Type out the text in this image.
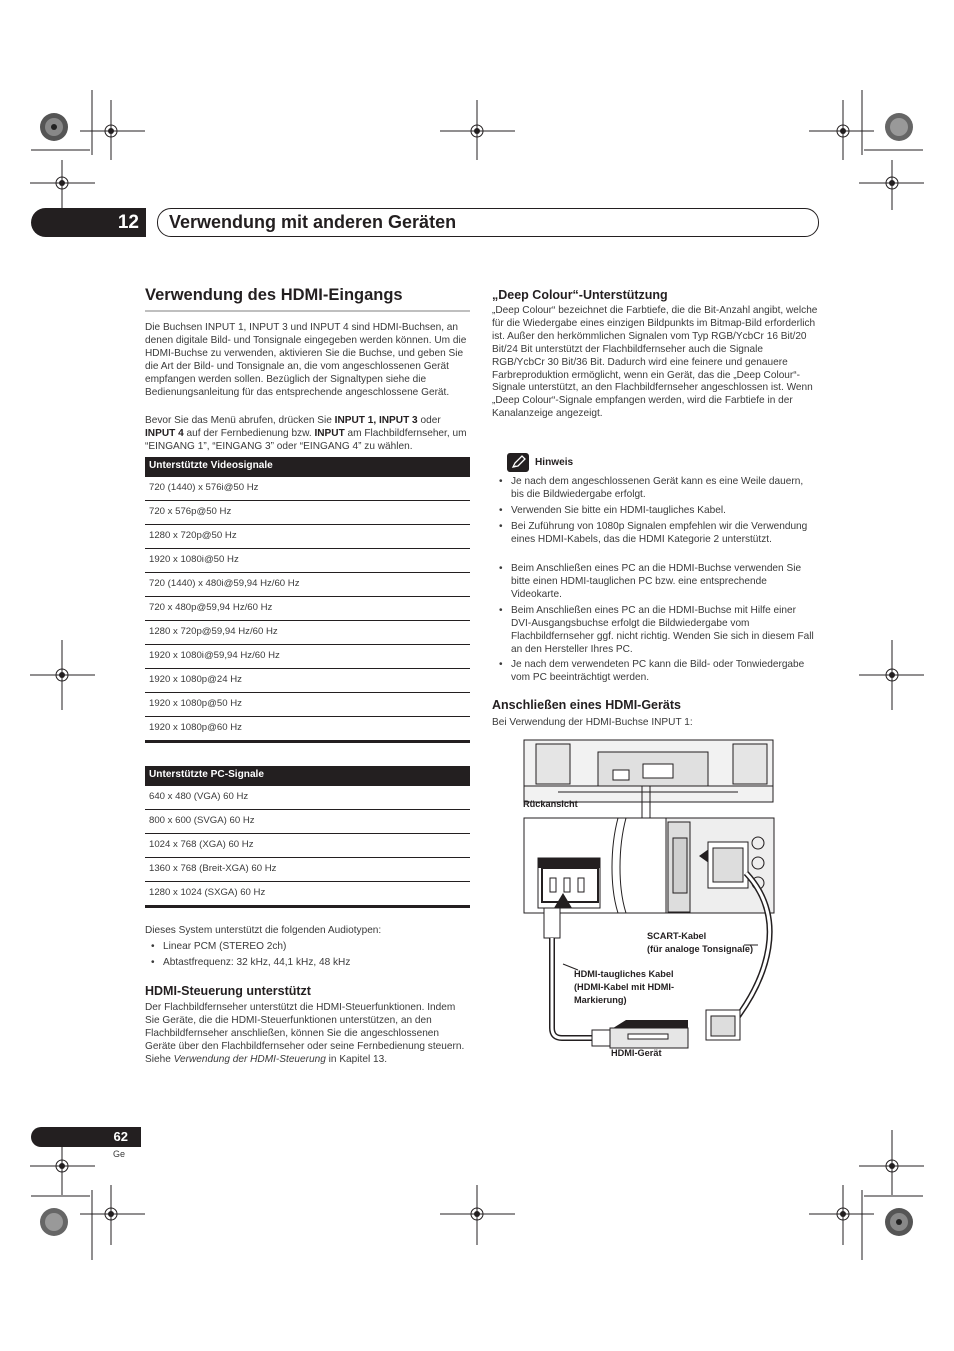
12 Verwendung mit anderen Geräten
Verwendung des HDMI-Eingangs
Die Buchsen INPUT 1, INPUT 3 und INPUT 4 sind HDMI-Buchsen, an denen digitale Bild- und Tonsignale eingegeben werden können. Um die HDMI-Buchse zu verwenden, aktivieren Sie die Buchse, und geben Sie die Art der Bild- und Tonsignale an, die vom angeschlossenen Gerät empfangen werden sollen. Bezüglich der Signaltypen siehe die Bedienungsanleitung für das entsprechende angeschlossene Gerät.
Bevor Sie das Menü abrufen, drücken Sie INPUT 1, INPUT 3 oder INPUT 4 auf der Fernbedienung bzw. INPUT am Flachbildfernseher, um “EINGANG 1”, “EINGANG 3” oder “EINGANG 4” zu wählen.
Unterstützte Videosignale
720 (1440) x 576i@50 Hz
720 x 576p@50 Hz
1280 x 720p@50 Hz
1920 x 1080i@50 Hz
720 (1440) x 480i@59,94 Hz/60 Hz
720 x 480p@59,94 Hz/60 Hz
1280 x 720p@59,94 Hz/60 Hz
1920 x 1080i@59,94 Hz/60 Hz
1920 x 1080p@24 Hz
1920 x 1080p@50 Hz
1920 x 1080p@60 Hz
Unterstützte PC-Signale
640 x 480 (VGA) 60 Hz
800 x 600 (SVGA) 60 Hz
1024 x 768 (XGA) 60 Hz
1360 x 768 (Breit-XGA) 60 Hz
1280 x 1024 (SXGA) 60 Hz
Dieses System unterstützt die folgenden Audiotypen:
• Linear PCM (STEREO 2ch)
• Abtastfrequenz: 32 kHz, 44,1 kHz, 48 kHz
HDMI-Steuerung unterstützt
Der Flachbildfernseher unterstützt die HDMI-Steuerfunktionen. Indem Sie Geräte, die die HDMI-Steuerfunktionen unterstützen, an den Flachbildfernseher anschließen, können Sie die angeschlossenen Geräte über den Flachbildfernseher oder seine Fernbedienung steuern. Siehe Verwendung der HDMI-Steuerung in Kapitel 13.
„Deep Colour“-Unterstützung
„Deep Colour“ bezeichnet die Farbtiefe, die die Bit-Anzahl angibt, welche für die Wiedergabe eines einzigen Bildpunkts im Bitmap-Bild erforderlich ist. Außer den herkömmlichen Signalen vom Typ RGB/YcbCr 16 Bit/20 Bit/24 Bit unterstützt der Flachbildfernseher auch die Signale RGB/YcbCr 30 Bit/36 Bit. Dadurch wird eine feinere und genauere Farbreproduktion ermöglicht, wenn ein Gerät, das die „Deep Colour“-Signale unterstützt, an den Flachbildfernseher angeschlossen ist. Wenn „Deep Colour“-Signale empfangen werden, wird die Farbtiefe in der Kanalanzeige angezeigt.
Hinweis
• Je nach dem angeschlossenen Gerät kann es eine Weile dauern, bis die Bildwiedergabe erfolgt.
• Verwenden Sie bitte ein HDMI-taugliches Kabel.
• Bei Zuführung von 1080p Signalen empfehlen wir die Verwendung eines HDMI-Kabels, das die HDMI Kategorie 2 unterstützt.
• Beim Anschließen eines PC an die HDMI-Buchse verwenden Sie bitte einen HDMI-tauglichen PC bzw. eine entsprechende Videokarte.
• Beim Anschließen eines PC an die HDMI-Buchse mit Hilfe einer DVI-Ausgangsbuchse erfolgt die Bildwiedergabe vom Flachbildfernseher ggf. nicht richtig. Wenden Sie sich in diesem Fall an den Hersteller Ihres PC.
• Je nach dem verwendeten PC kann die Bild- oder Tonwiedergabe vom PC beeinträchtigt werden.
Anschließen eines HDMI-Geräts
Bei Verwendung der HDMI-Buchse INPUT 1:
Rückansicht
SCART-Kabel
(für analoge Tonsignale)
HDMI-taugliches Kabel
(HDMI-Kabel mit HDMI-
Markierung)
HDMI-Gerät
62
Ge
